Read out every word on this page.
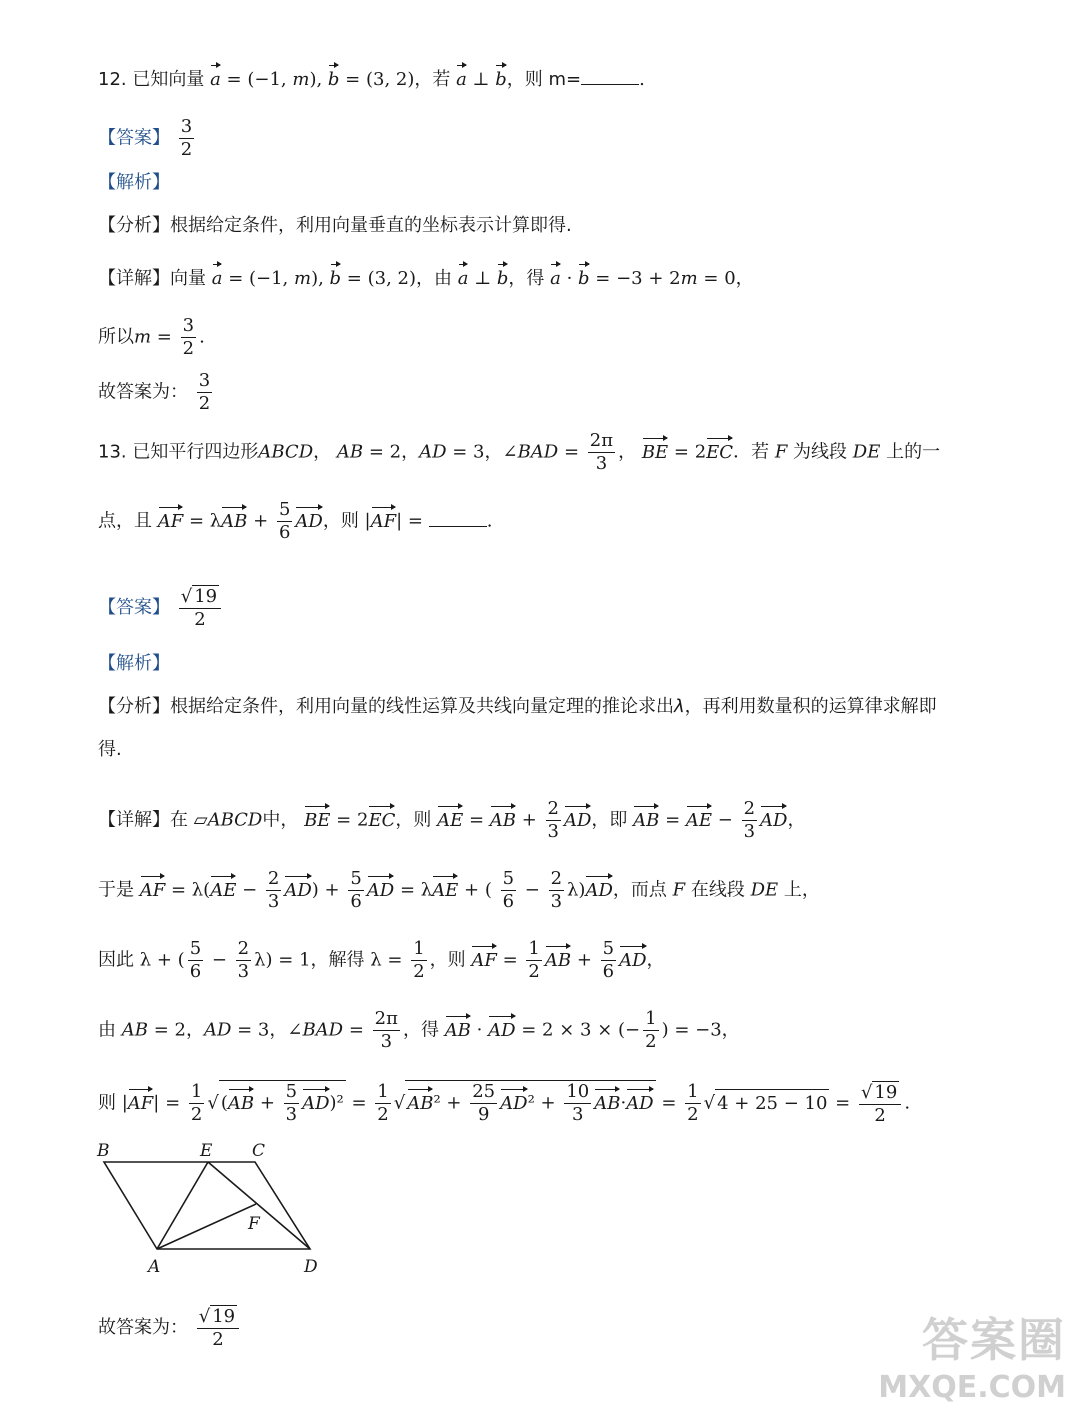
12. 已知向量 a = (−1, m), b = (3, 2)，若 a ⊥ b，则 m=	.
【答案】 $\frac{3}{2}$
【解析】
【分析】根据给定条件，利用向量垂直的坐标表示计算即得.
【详解】向量 a = (−1, m), b = (3, 2)，由 a ⊥ b，得 a · b = −3 + 2m = 0，
所以$m = \frac{3}{2}$ .
故答案为： $\frac{3}{2}$
13. 已知平行四边形ABCD， AB = 2，AD = 3，∠BAD = $\frac{2\pi}{3}$ ， BE = 2EC．若 F 为线段 DE 上的一
点，且 AF = $\lambda AB + \frac{5}{6}$ AD，则 |AF| =	.
【答案】 $\frac{√ 19}{2}$
【解析】
【分析】根据给定条件，利用向量的线性运算及共线向量定理的推论求出λ，再利用数量积的运算律求解即
得.
【详解】在 ▱ABCD中， BE = 2EC，则 AE = AB + $\frac{2}{3}$ AD，即 AB = AE − $\frac{2}{3}$ AD，
于是 AF = $\lambda(AE - \frac{2}{3} AD) + \frac{5}{6}$ AD = λAE + ( $\frac{5}{6} - \frac{2}{3} \lambda)AD$，而点 F 在线段 DE 上，
因此 λ + ( $\frac{5}{6} - \frac{2}{3} \lambda) = 1$，解得 $\lambda = \frac{1}{2}$ ，则 AF = $\frac{1}{2}$ AB + $\frac{5}{6}$ AD，
由 AB = 2，AD = 3，∠BAD = $\frac{2\pi}{3}$ ，得 AB · AD = 2 × 3 × (− $\frac{1}{2}$ ) = −3，
则 $|AF| = \frac{1}{2}$ √ $(AB + \frac{5}{3} AD)^2 = \frac{1}{2}$ √ $AB^2 + \frac{25}{9} AD^2 + \frac{10}{3} AB\cdot AD = \frac{1}{2}$ √ $4 + 25 - 10 = \frac{√ 19}{2}$ .
B	E C
F
A	D
故答案为： $\frac{√ 19}{2}$	答案圈
MXQE.COM
